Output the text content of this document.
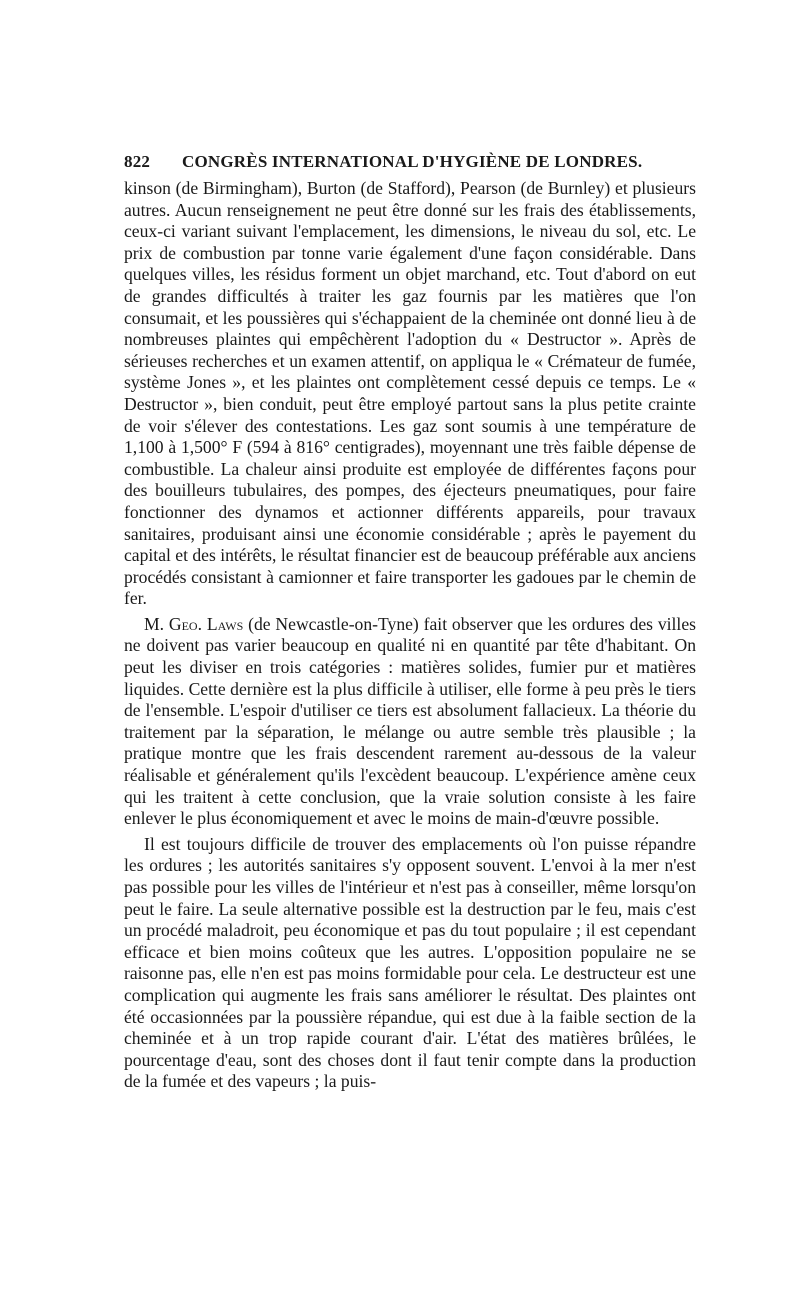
822	CONGRÈS INTERNATIONAL D'HYGIÈNE DE LONDRES.

kinson (de Birmingham), Burton (de Stafford), Pearson (de Burnley) et plusieurs autres. Aucun renseignement ne peut être donné sur les frais des établissements, ceux-ci variant suivant l'emplacement, les dimensions, le niveau du sol, etc. Le prix de combustion par tonne varie également d'une façon considérable. Dans quelques villes, les résidus forment un objet marchand, etc. Tout d'abord on eut de grandes difficultés à traiter les gaz fournis par les matières que l'on consumait, et les poussières qui s'échappaient de la cheminée ont donné lieu à de nombreuses plaintes qui empêchèrent l'adoption du « Destructor ». Après de sérieuses recherches et un examen attentif, on appliqua le « Crémateur de fumée, système Jones », et les plaintes ont complètement cessé depuis ce temps. Le « Destructor », bien conduit, peut être employé partout sans la plus petite crainte de voir s'élever des contestations. Les gaz sont soumis à une température de 1,100 à 1,500° F (594 à 816° centigrades), moyennant une très faible dépense de combustible. La chaleur ainsi produite est employée de différentes façons pour des bouilleurs tubulaires, des pompes, des éjecteurs pneumatiques, pour faire fonctionner des dynamos et actionner différents appareils, pour travaux sanitaires, produisant ainsi une économie considérable ; après le payement du capital et des intérêts, le résultat financier est de beaucoup préférable aux anciens procédés consistant à camionner et faire transporter les gadoues par le chemin de fer.

M. Geo. Laws (de Newcastle-on-Tyne) fait observer que les ordures des villes ne doivent pas varier beaucoup en qualité ni en quantité par tête d'habitant. On peut les diviser en trois catégories : matières solides, fumier pur et matières liquides. Cette dernière est la plus difficile à utiliser, elle forme à peu près le tiers de l'ensemble. L'espoir d'utiliser ce tiers est absolument fallacieux. La théorie du traitement par la séparation, le mélange ou autre semble très plausible ; la pratique montre que les frais descendent rarement au-dessous de la valeur réalisable et généralement qu'ils l'excèdent beaucoup. L'expérience amène ceux qui les traitent à cette conclusion, que la vraie solution consiste à les faire enlever le plus économiquement et avec le moins de main-d'œuvre possible.

Il est toujours difficile de trouver des emplacements où l'on puisse répandre les ordures ; les autorités sanitaires s'y opposent souvent. L'envoi à la mer n'est pas possible pour les villes de l'intérieur et n'est pas à conseiller, même lorsqu'on peut le faire. La seule alternative possible est la destruction par le feu, mais c'est un procédé maladroit, peu économique et pas du tout populaire ; il est cependant efficace et bien moins coûteux que les autres. L'opposition populaire ne se raisonne pas, elle n'en est pas moins formidable pour cela. Le destructeur est une complication qui augmente les frais sans améliorer le résultat. Des plaintes ont été occasionnées par la poussière répandue, qui est due à la faible section de la cheminée et à un trop rapide courant d'air. L'état des matières brûlées, le pourcentage d'eau, sont des choses dont il faut tenir compte dans la production de la fumée et des vapeurs ; la puis-
